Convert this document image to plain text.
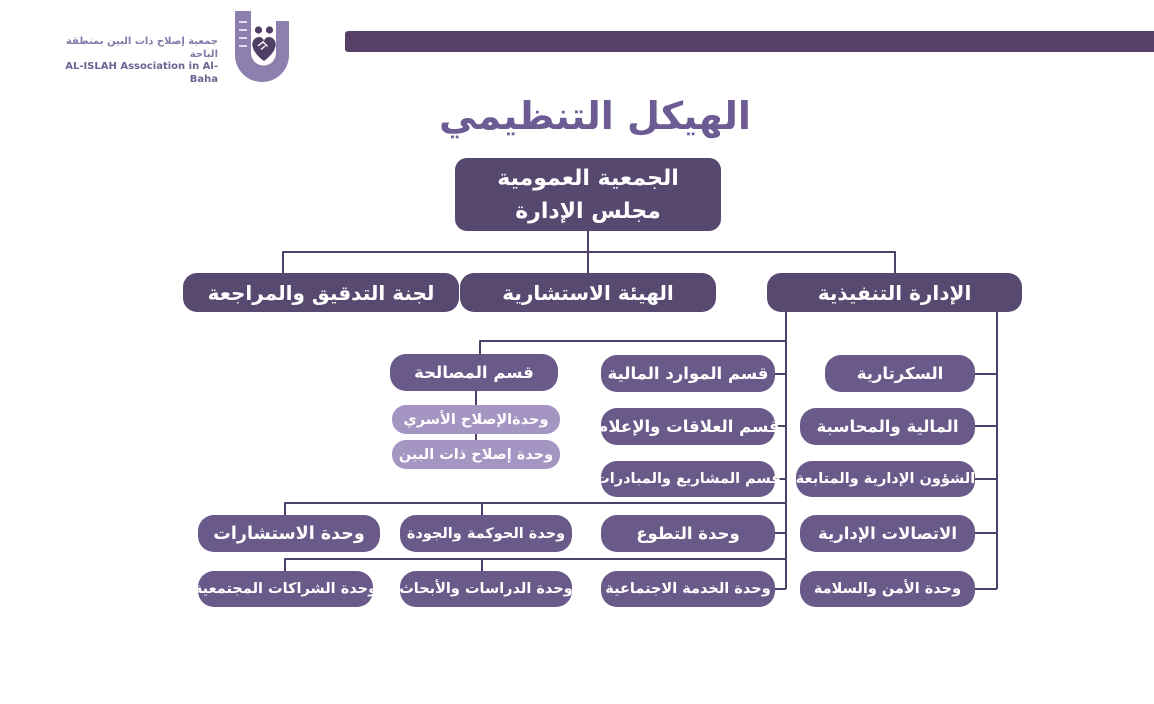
جمعية إصلاح ذات البين بمنطقة الباحة
AL-ISLAH Association in Al-Baha
الهيكل التنظيمي
الجمعية العمومية
مجلس الإدارة
لجنة التدقيق والمراجعة	الهيئة الاستشارية	الإدارة التنفيذية
قسم المصالحة
وحدةالإصلاح الأسري
وحدة إصلاح ذات البين
قسم الموارد المالية
قسم العلاقات والإعلام
قسم المشاريع والمبادرات
وحدة التطوع
وحدة الخدمة الاجتماعية
السكرتارية
المالية والمحاسبة
الشؤون الإدارية والمتابعة
الاتصالات الإدارية
وحدة الأمن والسلامة
وحدة الاستشارات	وحدة الحوكمة والجودة
وحدة الشراكات المجتمعية وحدة الدراسات والأبحاث
